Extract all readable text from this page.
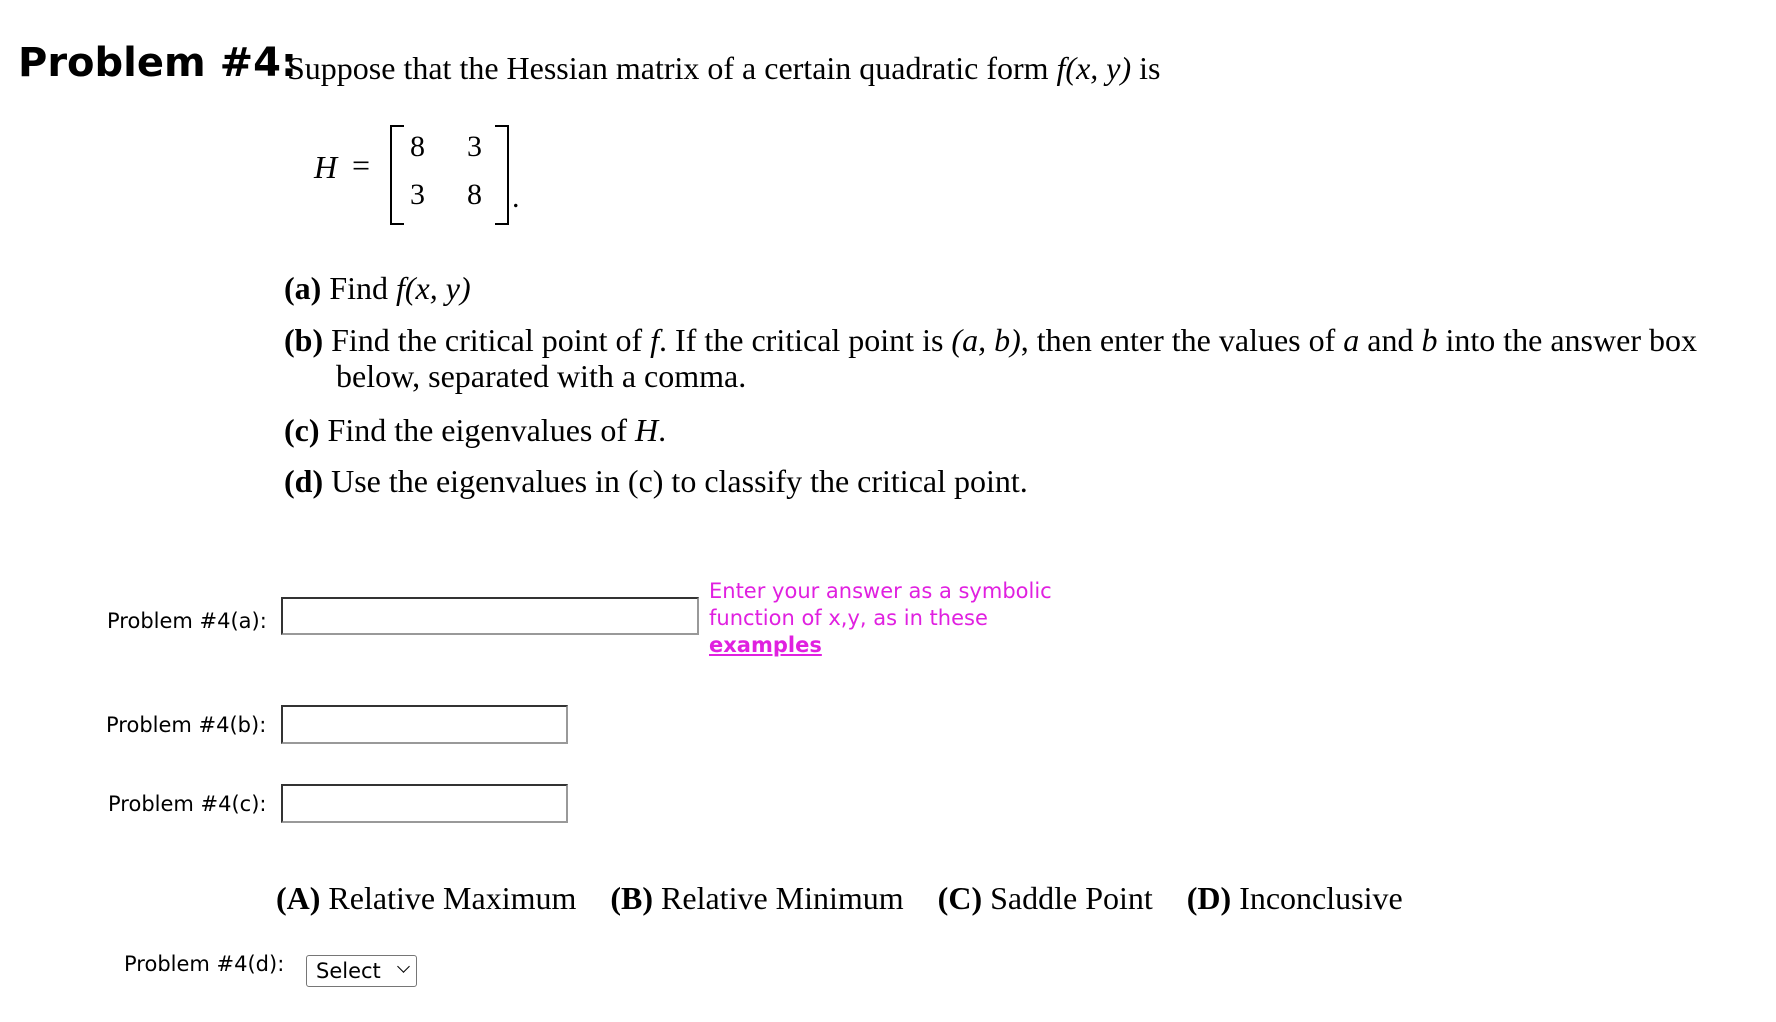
Problem #4:
Suppose that the Hessian matrix of a certain quadratic form f(x, y) is
H =
8 3
3 8 .
(a) Find f(x, y)
(b) Find the critical point of f. If the critical point is (a, b), then enter the values of a and b into the answer box
below, separated with a comma.
(c) Find the eigenvalues of H.
(d) Use the eigenvalues in (c) to classify the critical point.
Problem #4(a):
Enter your answer as a symbolic function of x,y, as in these
examples
Problem #4(b):
Problem #4(c):
(A) Relative Maximum (B) Relative Minimum (C) Saddle Point (D) Inconclusive
Problem #4(d):	Select
